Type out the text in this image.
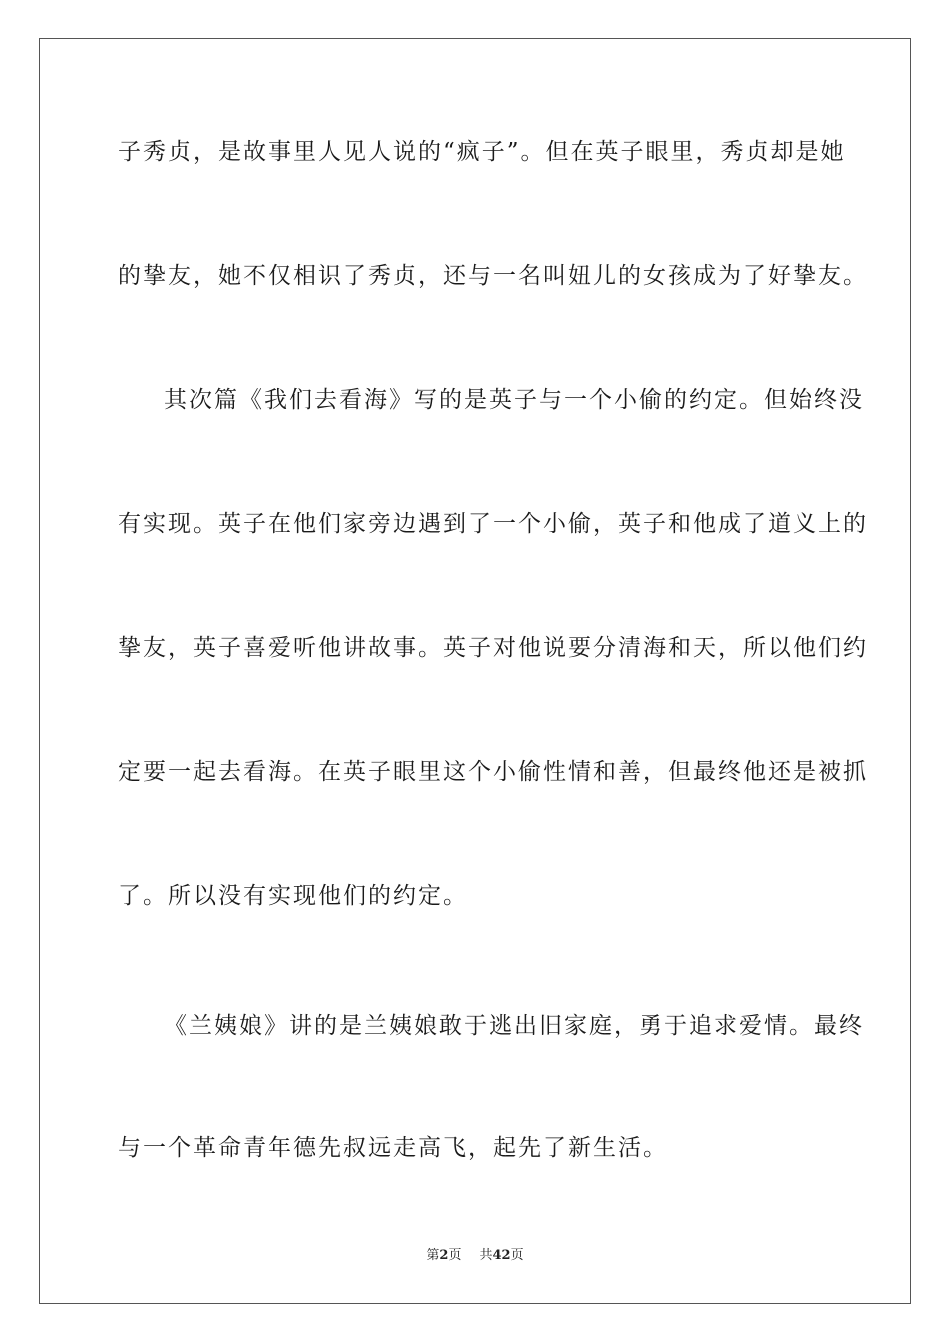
子秀贞，是故事里人见人说的“疯子”。但在英子眼里，秀贞却是她
的挚友，她不仅相识了秀贞，还与一名叫妞儿的女孩成为了好挚友。
其次篇《我们去看海》写的是英子与一个小偷的约定。但始终没
有实现。英子在他们家旁边遇到了一个小偷，英子和他成了道义上的
挚友，英子喜爱听他讲故事。英子对他说要分清海和天，所以他们约
定要一起去看海。在英子眼里这个小偷性情和善，但最终他还是被抓
了。所以没有实现他们的约定。
《兰姨娘》讲的是兰姨娘敢于逃出旧家庭，勇于追求爱情。最终
与一个革命青年德先叔远走高飞，起先了新生活。
第2页 共42页
